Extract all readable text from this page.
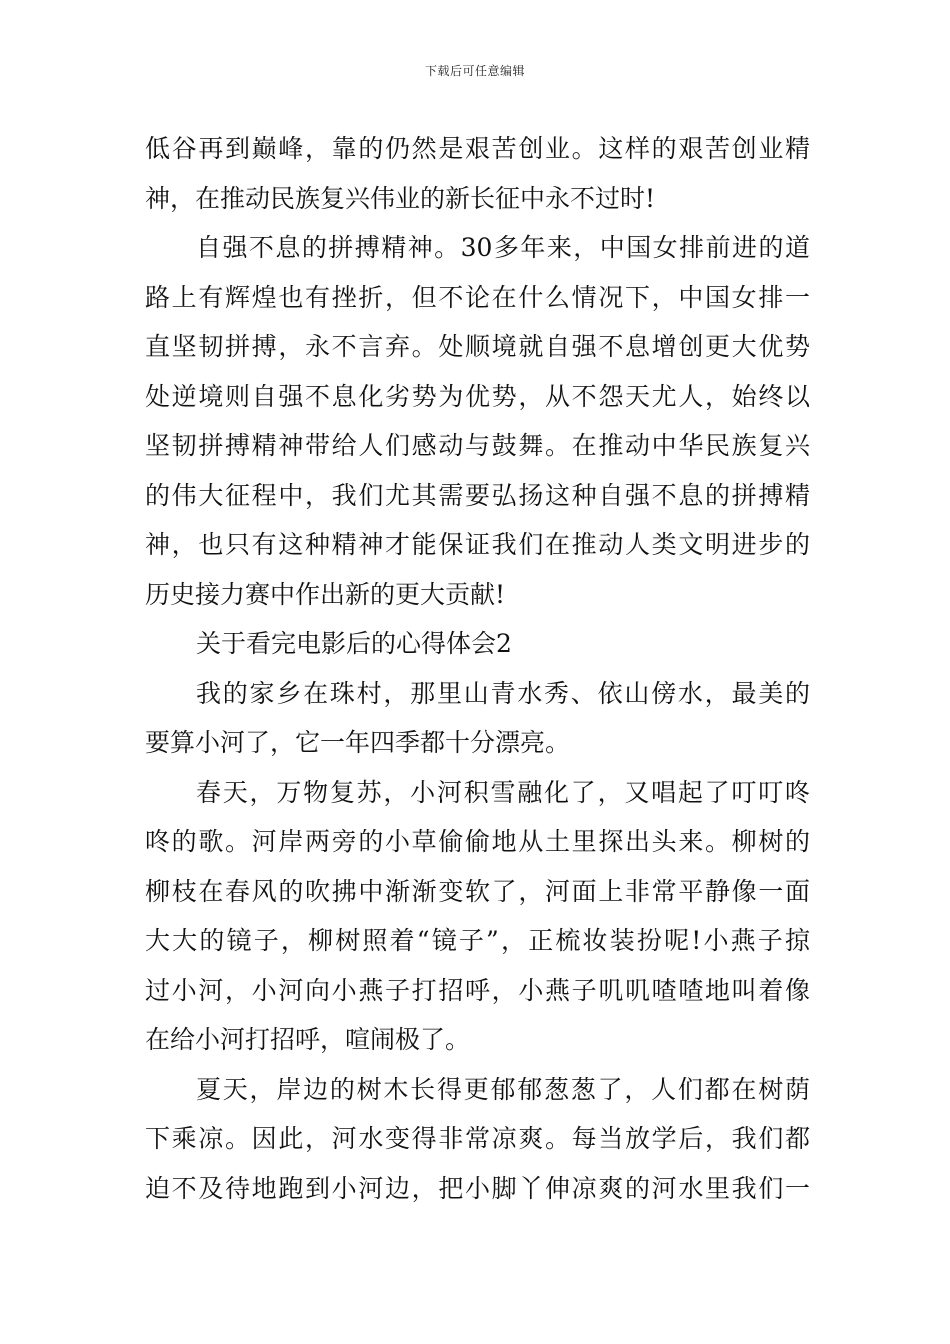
下载后可任意编辑
低谷再到巅峰，靠的仍然是艰苦创业。这样的艰苦创业精
神，在推动民族复兴伟业的新长征中永不过时!
自强不息的拼搏精神。30多年来，中国女排前进的道
路上有辉煌也有挫折，但不论在什么情况下，中国女排一
直坚韧拼搏，永不言弃。处顺境就自强不息增创更大优势
处逆境则自强不息化劣势为优势，从不怨天尤人，始终以
坚韧拼搏精神带给人们感动与鼓舞。在推动中华民族复兴
的伟大征程中，我们尤其需要弘扬这种自强不息的拼搏精
神，也只有这种精神才能保证我们在推动人类文明进步的
历史接力赛中作出新的更大贡献!
关于看完电影后的心得体会2
我的家乡在珠村，那里山青水秀、依山傍水，最美的
要算小河了，它一年四季都十分漂亮。
春天，万物复苏，小河积雪融化了，又唱起了叮叮咚
咚的歌。河岸两旁的小草偷偷地从土里探出头来。柳树的
柳枝在春风的吹拂中渐渐变软了，河面上非常平静像一面
大大的镜子，柳树照着“镜子”，正梳妆装扮呢!小燕子掠
过小河，小河向小燕子打招呼，小燕子叽叽喳喳地叫着像
在给小河打招呼，喧闹极了。
夏天，岸边的树木长得更郁郁葱葱了，人们都在树荫
下乘凉。因此，河水变得非常凉爽。每当放学后，我们都
迫不及待地跑到小河边，把小脚丫伸凉爽的河水里我们一
